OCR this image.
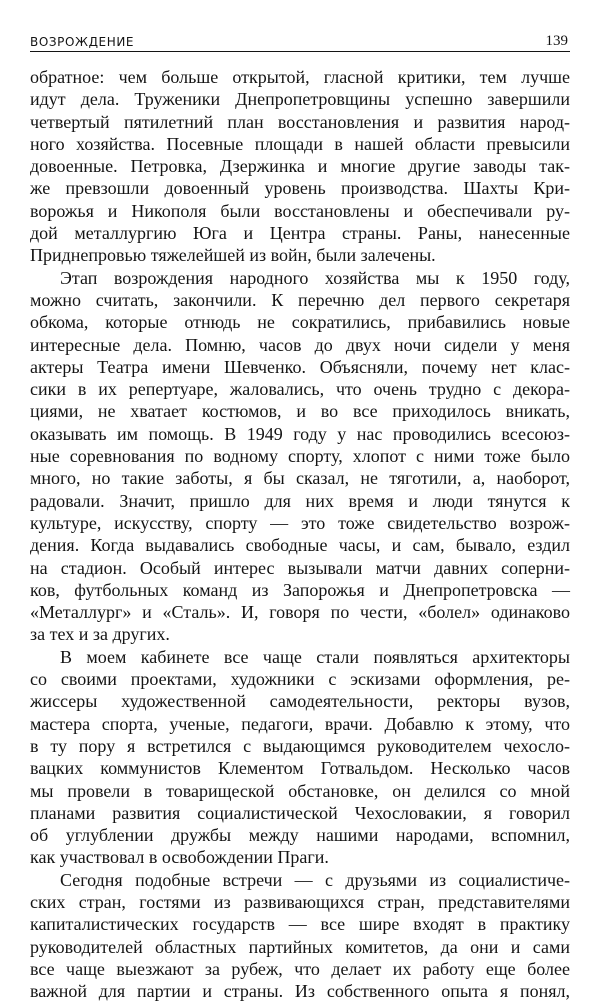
ВОЗРОЖДЕНИЕ	139
обратное: чем больше открытой, гласной критики, тем лучше
идут дела. Труженики Днепропетровщины успешно завершили
четвертый пятилетний план восстановления и развития народ-
ного хозяйства. Посевные площади в нашей области превысили
довоенные. Петровка, Дзержинка и многие другие заводы так-
же превзошли довоенный уровень производства. Шахты Кри-
ворожья и Никополя были восстановлены и обеспечивали ру-
дой металлургию Юга и Центра страны. Раны, нанесенные
Приднепровью тяжелейшей из войн, были залечены.
Этап возрождения народного хозяйства мы к 1950 году,
можно считать, закончили. К перечню дел первого секретаря
обкома, которые отнюдь не сократились, прибавились новые
интересные дела. Помню, часов до двух ночи сидели у меня
актеры Театра имени Шевченко. Объясняли, почему нет клас-
сики в их репертуаре, жаловались, что очень трудно с декора-
циями, не хватает костюмов, и во все приходилось вникать,
оказывать им помощь. В 1949 году у нас проводились всесоюз-
ные соревнования по водному спорту, хлопот с ними тоже было
много, но такие заботы, я бы сказал, не тяготили, а, наоборот,
радовали. Значит, пришло для них время и люди тянутся к
культуре, искусству, спорту — это тоже свидетельство возрож-
дения. Когда выдавались свободные часы, и сам, бывало, ездил
на стадион. Особый интерес вызывали матчи давних соперни-
ков, футбольных команд из Запорожья и Днепропетровска —
«Металлург» и «Сталь». И, говоря по чести, «болел» одинаково
за тех и за других.
В моем кабинете все чаще стали появляться архитекторы
со своими проектами, художники с эскизами оформления, ре-
жиссеры художественной самодеятельности, ректоры вузов,
мастера спорта, ученые, педагоги, врачи. Добавлю к этому, что
в ту пору я встретился с выдающимся руководителем чехосло-
вацких коммунистов Клементом Готвальдом. Несколько часов
мы провели в товарищеской обстановке, он делился со мной
планами развития социалистической Чехословакии, я говорил
об углублении дружбы между нашими народами, вспомнил,
как участвовал в освобождении Праги.
Сегодня подобные встречи — с друзьями из социалистиче-
ских стран, гостями из развивающихся стран, представителями
капиталистических государств — все шире входят в практику
руководителей областных партийных комитетов, да они и сами
все чаще выезжают за рубеж, что делает их работу еще более
важной для партии и страны. Из собственного опыта я понял,
